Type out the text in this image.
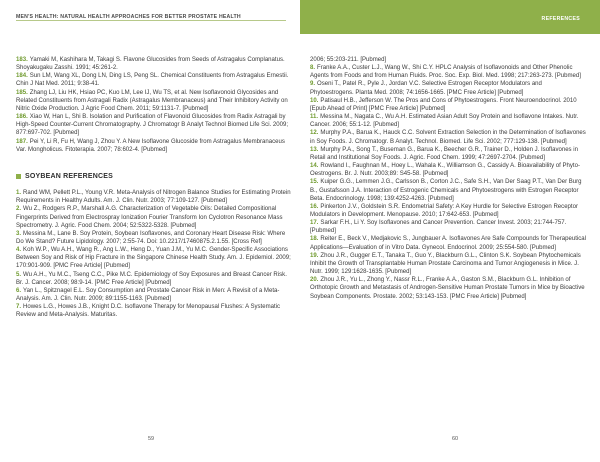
MEN'S HEALTH: NATURAL HEALTH APPROACHES FOR BETTER PROSTATE HEALTH	REFERENCES

183. Yamaki M, Kashihara M, Takagi S. Flavone Glucosides from Seeds of Astragalus Complanatus. Shoyakugaku Zasshi. 1991; 45:261-2.

184. Sun LM, Wang XL, Dong LN, Ding LS, Peng SL. Chemical Constituents from Astragalus Ernestii. Chin J Nat Med. 2011; 9:38-41.

185. Zhang LJ, Liu HK, Hsiao PC, Kuo LM, Lee IJ, Wu TS, et al. New Isoflavonoid Glycosides and Related Constituents from Astragali Radix (Astragalus Membranaceus) and Their Inhibitory Activity on Nitric Oxide Production. J Agric Food Chem. 2011; 59:1131-7. [Pubmed]

186. Xiao W, Han L, Shi B. Isolation and Purification of Flavonoid Glucosides from Radix Astragali by High-Speed Counter-Current Chromatography. J Chromatogr B Analyt Technol Biomed Life Sci. 2009; 877:697-702. [Pubmed]

187. Pei Y, Li R, Fu H, Wang J, Zhou Y. A New Isoflavone Glucoside from Astragalus Membranaceus Var. Mongholicus. Fitoterapia. 2007; 78:602-4. [Pubmed]

SOYBEAN REFERENCES

1. Rand WM, Pellett P.L., Young V.R. Meta-Analysis of Nitrogen Balance Studies for Estimating Protein Requirements in Healthy Adults. Am. J. Clin. Nutr. 2003; 77:109-127. [Pubmed]

2. Wu Z., Rodgers R.P., Marshall A.G. Characterization of Vegetable Oils: Detailed Compositional Fingerprints Derived from Electrospray Ionization Fourier Transform Ion Cyclotron Resonance Mass Spectrometry. J. Agric. Food Chem. 2004; 52:5322-5328. [Pubmed]

3. Messina M., Lane B. Soy Protein, Soybean Isoflavones, and Coronary Heart Disease Risk: Where Do We Stand? Future Lipidology. 2007; 2:55-74. Doi: 10.2217/17460875.2.1.55. [Cross Ref]

4. Koh W.P., Wu A.H., Wang R., Ang L.W., Heng D., Yuan J.M., Yu M.C. Gender-Specific Associations Between Soy and Risk of Hip Fracture in the Singapore Chinese Health Study. Am. J. Epidemiol. 2009; 170:901-909. [PMC Free Article] [Pubmed]

5. Wu A.H., Yu M.C., Tseng C.C., Pike M.C. Epidemiology of Soy Exposures and Breast Cancer Risk. Br. J. Cancer. 2008; 98:9-14. [PMC Free Article] [Pubmed]

6. Yan L., Spitznagel E.L. Soy Consumption and Prostate Cancer Risk in Men: A Revisit of a Meta-Analysis. Am. J. Clin. Nutr. 2009; 89:1155-1163. [Pubmed]

7. Howes L.G., Howes J.B., Knight D.C. Isoflavone Therapy for Menopausal Flushes: A Systematic Review and Meta-Analysis. Maturitas.

2006; 55:203-211. [Pubmed]

8. Franke A.A., Custer L.J., Wang W., Shi C.Y. HPLC Analysis of Isoflavonoids and Other Phenolic Agents from Foods and from Human Fluids. Proc. Soc. Exp. Biol. Med. 1998; 217:263-273. [Pubmed]

9. Oseni T., Patel R., Pyle J., Jordan V.C. Selective Estrogen Receptor Modulators and Phytoestrogens. Planta Med. 2008; 74:1656-1665. [PMC Free Article] [Pubmed]

10. Patisaul H.B., Jefferson W. The Pros and Cons of Phytoestrogens. Front Neuroendocrinol. 2010 [Epub Ahead of Print] [PMC Free Article] [Pubmed]

11. Messina M., Nagata C., Wu A.H. Estimated Asian Adult Soy Protein and Isoflavone Intakes. Nutr. Cancer. 2006; 55:1-12. [Pubmed]

12. Murphy P.A., Barua K., Hauck C.C. Solvent Extraction Selection in the Determination of Isoflavones in Soy Foods. J. Chromatogr. B Analyt. Technol. Biomed. Life Sci. 2002; 777:129-138. [Pubmed]

13. Murphy P.A., Song T., Buseman G., Barua K., Beecher G.R., Trainer D., Holden J. Isoflavones in Retail and Institutional Soy Foods. J. Agric. Food Chem. 1999; 47:2697-2704. [Pubmed]

14. Rowland I., Faughnan M., Hoey L., Wahala K., Williamson G., Cassidy A. Bioavailability of Phyto-Oestrogens. Br. J. Nutr. 2003;89: S45-58. [Pubmed]

15. Kuiper G.G., Lemmen J.G., Carlsson B., Corton J.C., Safe S.H., Van Der Saag P.T., Van Der Burg B., Gustafsson J.A. Interaction of Estrogenic Chemicals and Phytoestrogens with Estrogen Receptor Beta. Endocrinology. 1998; 139:4252-4263. [Pubmed]

16. Pinkerton J.V., Goldstein S.R. Endometrial Safety: A Key Hurdle for Selective Estrogen Receptor Modulators in Development. Menopause. 2010; 17:642-653. [Pubmed]

17. Sarkar F.H., Li Y. Soy Isoflavones and Cancer Prevention. Cancer Invest. 2003; 21:744-757. [Pubmed]

18. Reiter E., Beck V., Medjakovic S., Jungbauer A. Isoflavones Are Safe Compounds for Therapeutical Applications—Evaluation of in Vitro Data. Gynecol. Endocrinol. 2009; 25:554-580. [Pubmed]

19. Zhou J.R., Gugger E.T., Tanaka T., Guo Y., Blackburn G.L., Clinton S.K. Soybean Phytochemicals Inhibit the Growth of Transplantable Human Prostate Carcinoma and Tumor Angiogenesis in Mice. J. Nutr. 1999; 129:1628-1635. [Pubmed]

20. Zhou J.R., Yu L., Zhong Y., Nassr R.L., Franke A.A., Gaston S.M., Blackburn G.L. Inhibition of Orthotopic Growth and Metastasis of Androgen-Sensitive Human Prostate Tumors in Mice by Bioactive Soybean Components. Prostate. 2002; 53:143-153. [PMC Free Article] [Pubmed]

59	60
